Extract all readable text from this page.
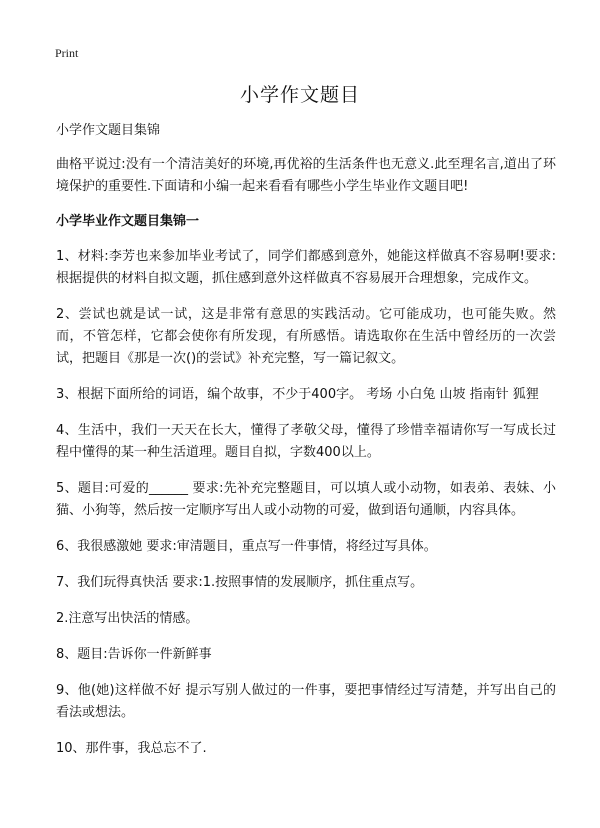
Print
小学作文题目

小学作文题目集锦

曲格平说过:没有一个清洁美好的环境,再优裕的生活条件也无意义.此至理名言,道出了环境保护的重要性.下面请和小编一起来看看有哪些小学生毕业作文题目吧!

小学毕业作文题目集锦一

1、材料:李芳也来参加毕业考试了，同学们都感到意外，她能这样做真不容易啊!要求:根据提供的材料自拟文题，抓住感到意外这样做真不容易展开合理想象，完成作文。

2、尝试也就是试一试，这是非常有意思的实践活动。它可能成功，也可能失败。然而，不管怎样，它都会使你有所发现，有所感悟。请选取你在生活中曾经历的一次尝试，把题目《那是一次()的尝试》补充完整，写一篇记叙文。

3、根据下面所给的词语，编个故事，不少于400字。 考场 小白兔 山坡 指南针 狐狸

4、生活中，我们一天天在长大，懂得了孝敬父母，懂得了珍惜幸福请你写一写成长过程中懂得的某一种生活道理。题目自拟，字数400以上。

5、题目:可爱的______ 要求:先补充完整题目，可以填人或小动物，如表弟、表妹、小猫、小狗等，然后按一定顺序写出人或小动物的可爱，做到语句通顺，内容具体。

6、我很感激她 要求:审清题目，重点写一件事情，将经过写具体。

7、我们玩得真快活 要求:1.按照事情的发展顺序，抓住重点写。

2.注意写出快活的情感。

8、题目:告诉你一件新鲜事

9、他(她)这样做不好 提示写别人做过的一件事，要把事情经过写清楚，并写出自己的看法或想法。

10、那件事，我总忘不了.
